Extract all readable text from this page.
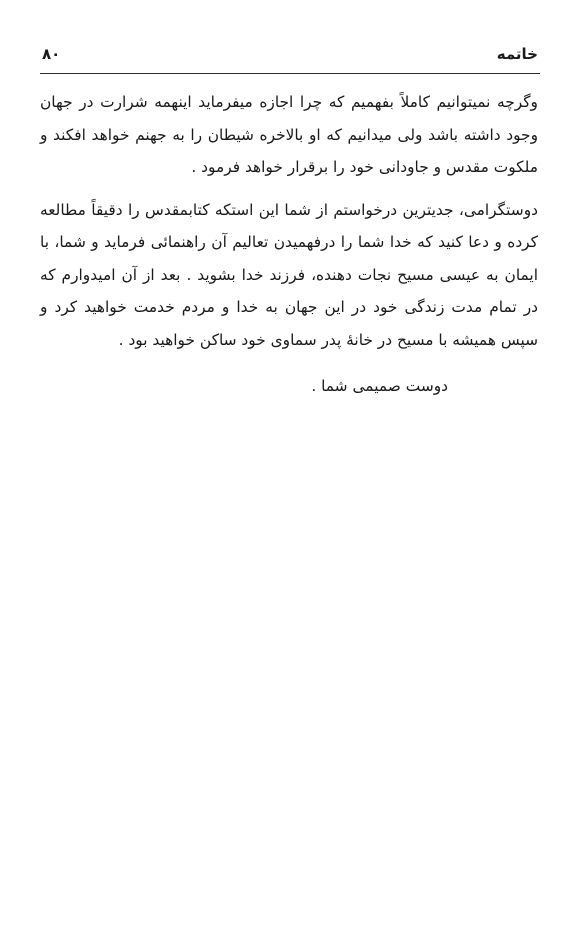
خاتمه
۸۰

وگرچه نمیتوانیم کاملاً بفهمیم که چرا اجازه میفرماید اینهمه شرارت در جهان وجود داشته باشد ولی میدانیم که او بالاخره شیطان را به جهنم خواهد افکند و ملکوت مقدس و جاودانی خود را برقرار خواهد فرمود .

دوستگرامی، جدیترین درخواستم از شما این استکه کتابمقدس را دقیقاً مطالعه کرده و دعا کنید که خدا شما را درفهمیدن تعالیم آن راهنمائی فرماید و شما، با ایمان به عیسی مسیح نجات دهنده، فرزند خدا بشوید . بعد از آن امیدوارم که در تمام مدت زندگی خود در این جهان به خدا و مردم خدمت خواهید کرد و سپس همیشه با مسیح در خانهٔ پدر سماوی خود ساکن خواهید بود .

دوست صمیمی شما .
